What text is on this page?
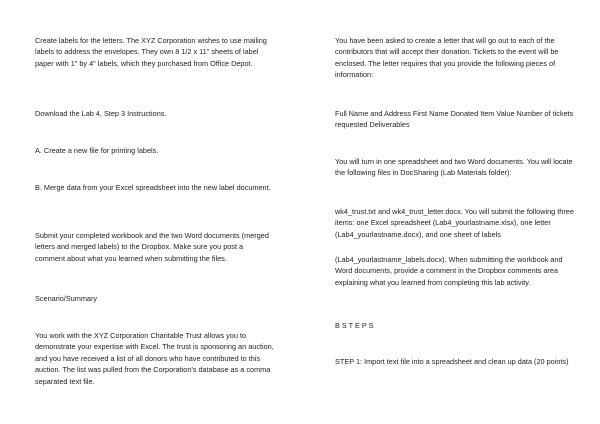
Create labels for the letters. The XYZ Corporation wishes to use mailing labels to address the envelopes. They own 8 1/2 x 11" sheets of label paper with 1" by 4" labels, which they purchased from Office Depot.

Download the Lab 4, Step 3 Instructions.

A. Create a new file for printing labels.

B. Merge data from your Excel spreadsheet into the new label document.

Submit your completed workbook and the two Word documents (merged letters and merged labels) to the Dropbox. Make sure you post a comment about what you learned when submitting the files.

Scenario/Summary

You work with the XYZ Corporation Charitable Trust allows you to demonstrate your expertise with Excel. The trust is sponsoring an auction, and you have received a list of all donors who have contributed to this auction. The list was pulled from the Corporation's database as a comma separated text file.

You have been asked to create a letter that will go out to each of the contributors that will accept their donation. Tickets to the event will be enclosed. The letter requires that you provide the following pieces of information:

Full Name and Address First Name Donated Item Value Number of tickets requested Deliverables

You will turn in one spreadsheet and two Word documents. You will locate the following files in DocSharing (Lab Materials folder):

wk4_trust.txt and wk4_trust_letter.docx. You will submit the following three items: one Excel spreadsheet (Lab4_yourlastname.xlsx), one letter (Lab4_yourlastname.docx), and one sheet of labels

(Lab4_yourlastname_labels.docx). When submitting the workbook and Word documents, provide a comment in the Dropbox comments area explaining what you learned from completing this lab activity.

B S T E P S

STEP 1: Import text file into a spreadsheet and clean up data (20 points)
